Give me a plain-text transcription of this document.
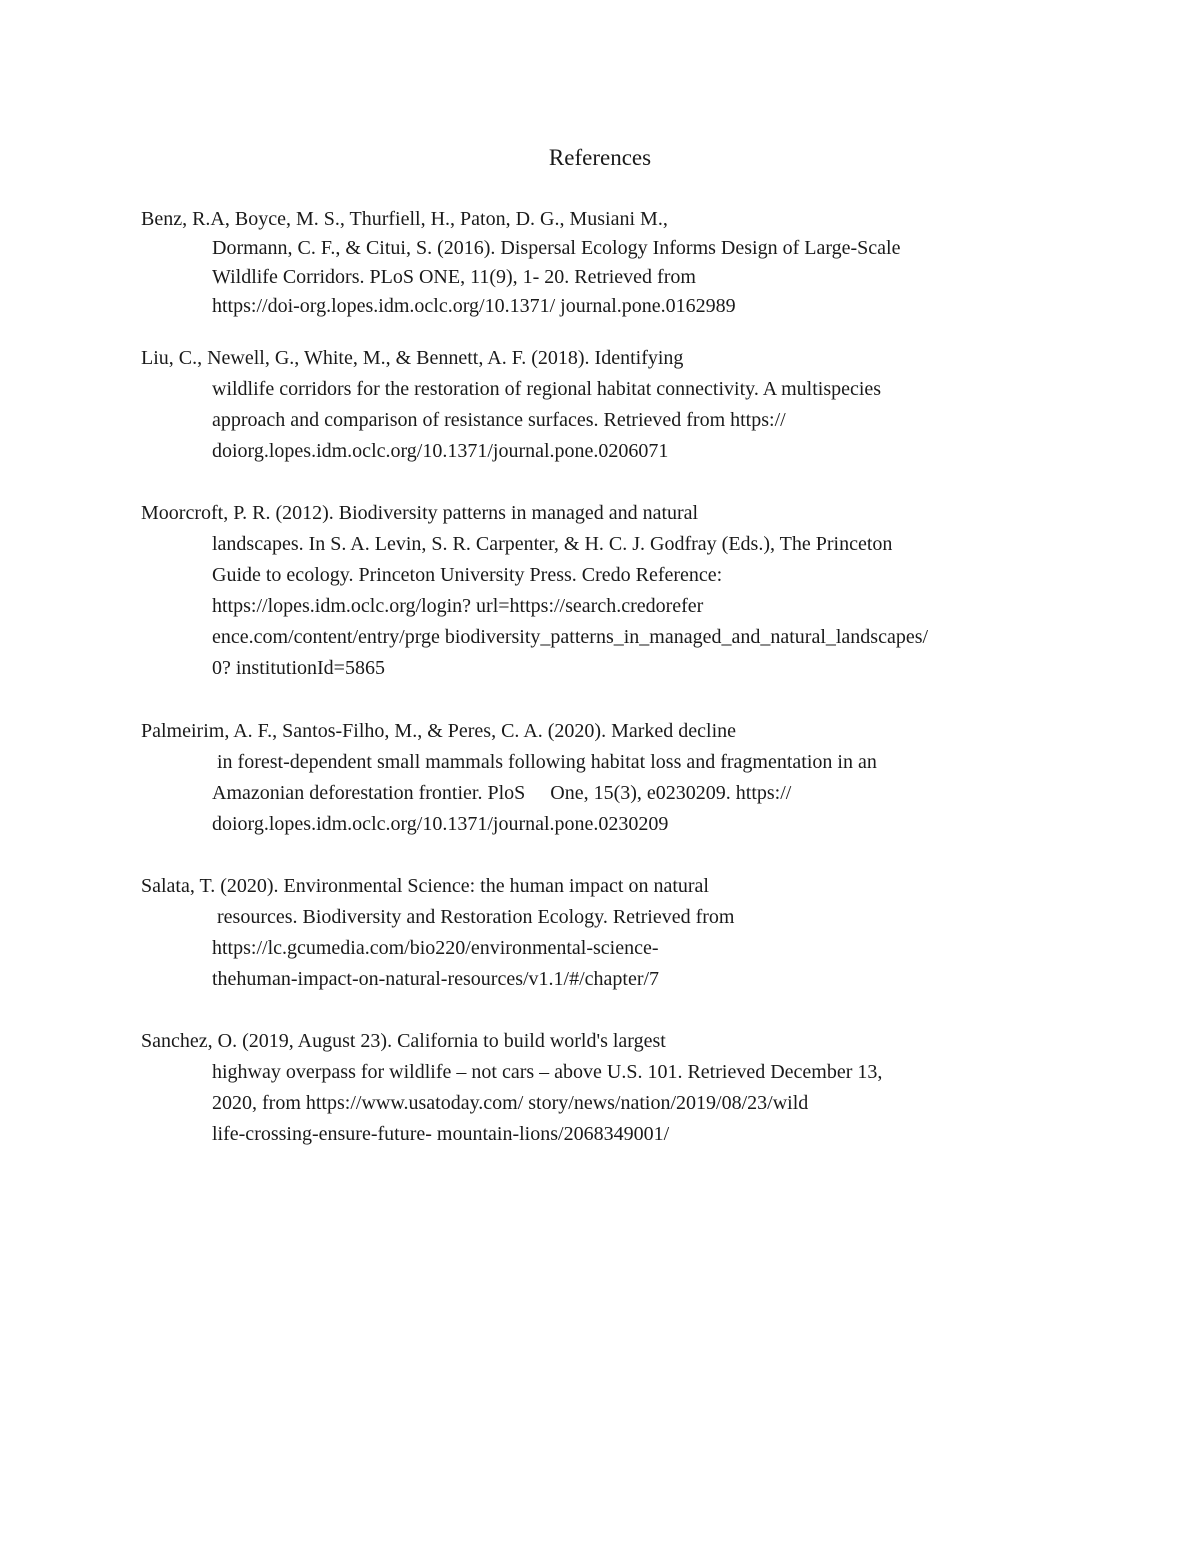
References
Benz, R.A, Boyce, M. S., Thurfiell, H., Paton, D. G., Musiani M.,
Dormann, C. F., & Citui, S. (2016). Dispersal Ecology Informs Design of Large-Scale
Wildlife Corridors. PLoS ONE, 11(9), 1- 20. Retrieved from
https://doi-org.lopes.idm.oclc.org/10.1371/ journal.pone.0162989
Liu, C., Newell, G., White, M., & Bennett, A. F. (2018). Identifying
wildlife corridors for the restoration of regional habitat connectivity. A multispecies
approach and comparison of resistance surfaces. Retrieved from https://
doiorg.lopes.idm.oclc.org/10.1371/journal.pone.0206071
Moorcroft, P. R. (2012). Biodiversity patterns in managed and natural
landscapes. In S. A. Levin, S. R. Carpenter, & H. C. J. Godfray (Eds.), The Princeton
Guide to ecology. Princeton University Press. Credo Reference:
https://lopes.idm.oclc.org/login? url=https://search.credorefer
ence.com/content/entry/prge biodiversity_patterns_in_managed_and_natural_landscapes/
0? institutionId=5865
Palmeirim, A. F., Santos-Filho, M., & Peres, C. A. (2020). Marked decline
in forest-dependent small mammals following habitat loss and fragmentation in an
Amazonian deforestation frontier. PloS     One, 15(3), e0230209. https://
doiorg.lopes.idm.oclc.org/10.1371/journal.pone.0230209
Salata, T. (2020). Environmental Science: the human impact on natural
resources. Biodiversity and Restoration Ecology. Retrieved from
https://lc.gcumedia.com/bio220/environmental-science-
thehuman-impact-on-natural-resources/v1.1/#/chapter/7
Sanchez, O. (2019, August 23). California to build world's largest
highway overpass for wildlife – not cars – above U.S. 101. Retrieved December 13,
2020, from https://www.usatoday.com/ story/news/nation/2019/08/23/wild
life-crossing-ensure-future- mountain-lions/2068349001/
